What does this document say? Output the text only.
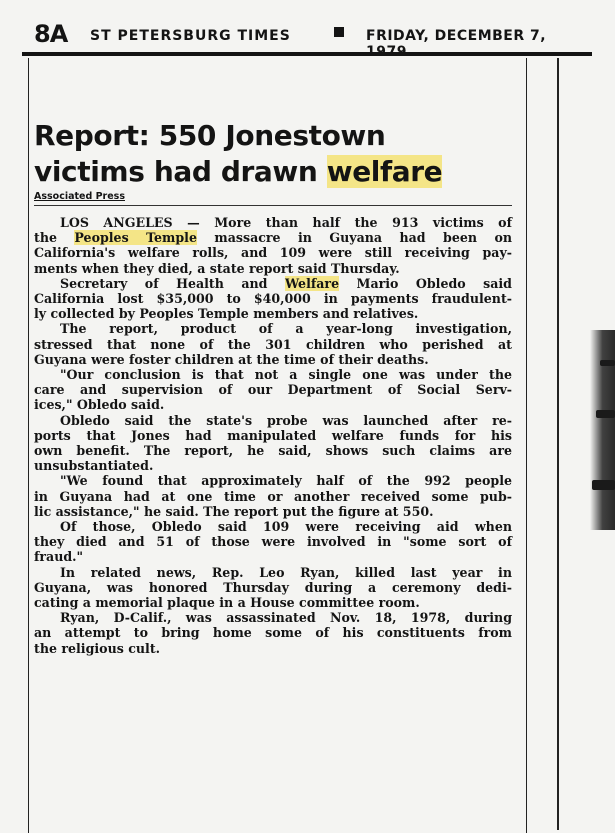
8A ST PETERSBURG TIMES	FRIDAY, DECEMBER 7,
Report: 550 Jonestown
victims had drawn welfare
Associated Press
LOS ANGELES — More than half the 913 victims of
the Peoples Temple massacre in Guyana had been on
California's welfare rolls, and 109 were still receiving pay-
ments when they died, a state report said Thursday.
Secretary of Health and Welfare Mario Obledo said
California lost $35,000 to $40,000 in payments fraudulent-
ly collected by Peoples Temple members and relatives.
The report, product of a year-long investigation,
stressed that none of the 301 children who perished at
Guyana were foster children at the time of their deaths.
"Our conclusion is that not a single one was under the
care and supervision of our Department of Social Serv-
ices," Obledo said.
Obledo said the state's probe was launched after re-
ports that Jones had manipulated welfare funds for his
own benefit. The report, he said, shows such claims are
unsubstantiated.
"We found that approximately half of the 992 people
in Guyana had at one time or another received some pub-
lic assistance," he said. The report put the figure at 550.
Of those, Obledo said 109 were receiving aid when
they died and 51 of those were involved in "some sort of
fraud."
In related news, Rep. Leo Ryan, killed last year in
Guyana, was honored Thursday during a ceremony dedi-
cating a memorial plaque in a House committee room.
Ryan, D-Calif., was assassinated Nov. 18, 1978, during
an attempt to bring home some of his constituents from
the religious cult.
